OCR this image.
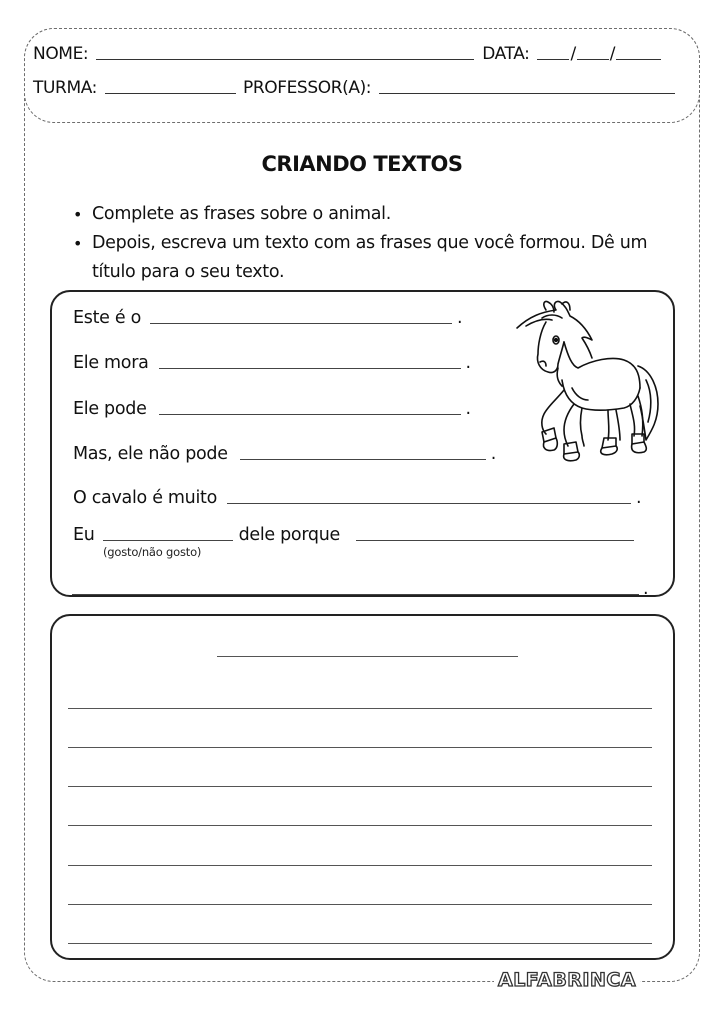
NOME:	DATA: / /
TURMA:	PROFESSOR(A):
CRIANDO TEXTOS
• Complete as frases sobre o animal.
• Depois, escreva um texto com as frases que você formou. Dê um título para o seu texto.
Este é o	.
Ele mora	.
Ele pode	.
Mas, ele não pode	.
O cavalo é muito	.
Eu	dele porque
(gosto/não gosto)
.
ALFABRINCA
